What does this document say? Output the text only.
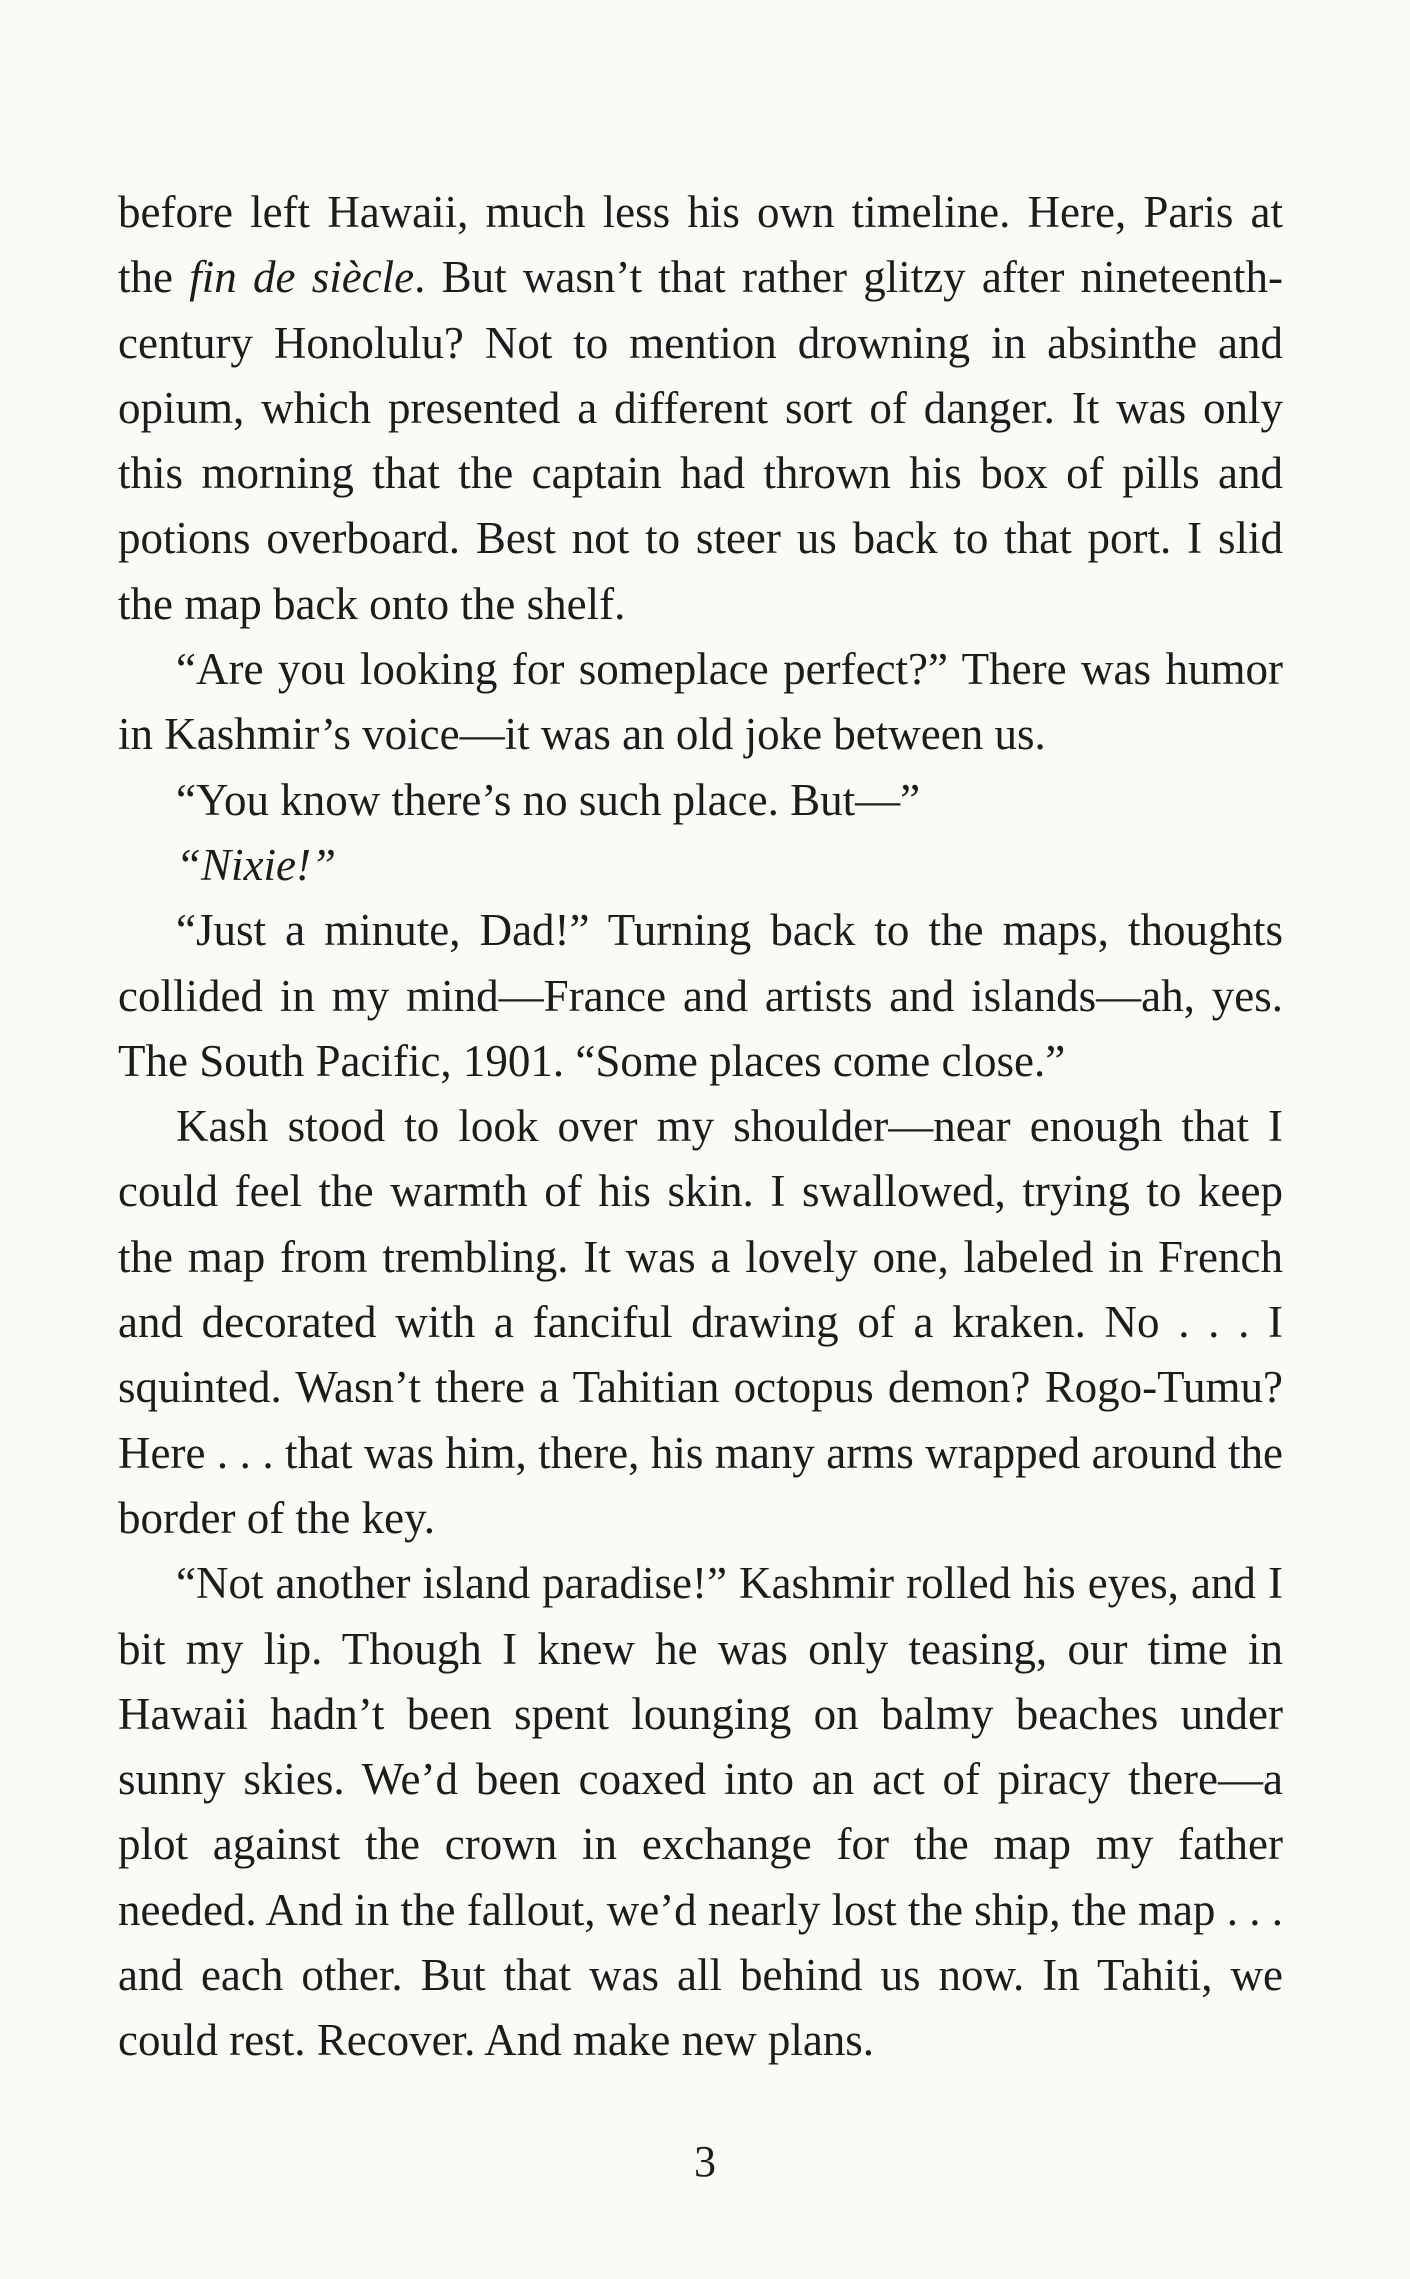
before left Hawaii, much less his own timeline. Here, Paris at the fin de siècle. But wasn’t that rather glitzy after nineteenth-century Honolulu? Not to mention drowning in absinthe and opium, which presented a different sort of danger. It was only this morning that the captain had thrown his box of pills and potions overboard. Best not to steer us back to that port. I slid the map back onto the shelf.

“Are you looking for someplace perfect?” There was humor in Kashmir’s voice—it was an old joke between us.

“You know there’s no such place. But—”

“Nixie!”

“Just a minute, Dad!” Turning back to the maps, thoughts collided in my mind—France and artists and islands—ah, yes. The South Pacific, 1901. “Some places come close.”

Kash stood to look over my shoulder—near enough that I could feel the warmth of his skin. I swallowed, trying to keep the map from trembling. It was a lovely one, labeled in French and decorated with a fanciful drawing of a kraken. No . . . I squinted. Wasn’t there a Tahitian octopus demon? Rogo-Tumu? Here . . . that was him, there, his many arms wrapped around the border of the key.

“Not another island paradise!” Kashmir rolled his eyes, and I bit my lip. Though I knew he was only teasing, our time in Hawaii hadn’t been spent lounging on balmy beaches under sunny skies. We’d been coaxed into an act of piracy there—a plot against the crown in exchange for the map my father needed. And in the fallout, we’d nearly lost the ship, the map . . . and each other. But that was all behind us now. In Tahiti, we could rest. Recover. And make new plans.

3
